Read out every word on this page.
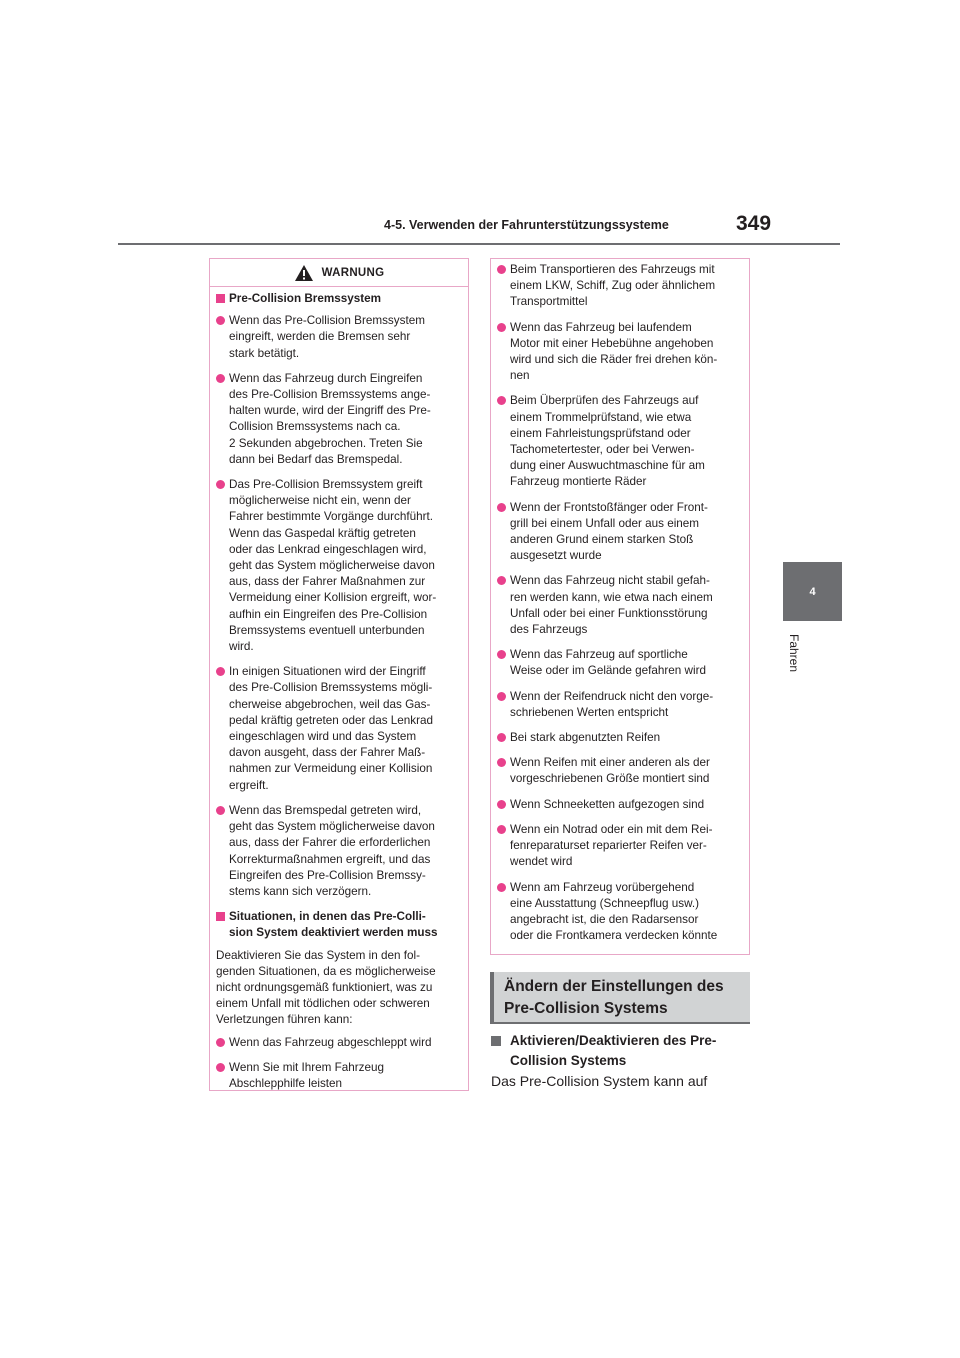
4-5. Verwenden der Fahrunterstützungssysteme	349
4
Fahren
WARNUNG
Pre-Collision Bremssystem
Wenn das Pre-Collision Bremssystem
eingreift, werden die Bremsen sehr
stark betätigt.
Wenn das Fahrzeug durch Eingreifen
des Pre-Collision Bremssystems ange-
halten wurde, wird der Eingriff des Pre-
Collision Bremssystems nach ca.
2 Sekunden abgebrochen. Treten Sie
dann bei Bedarf das Bremspedal.
Das Pre-Collision Bremssystem greift
möglicherweise nicht ein, wenn der
Fahrer bestimmte Vorgänge durchführt.
Wenn das Gaspedal kräftig getreten
oder das Lenkrad eingeschlagen wird,
geht das System möglicherweise davon
aus, dass der Fahrer Maßnahmen zur
Vermeidung einer Kollision ergreift, wor-
aufhin ein Eingreifen des Pre-Collision
Bremssystems eventuell unterbunden
wird.
In einigen Situationen wird der Eingriff
des Pre-Collision Bremssystems mögli-
cherweise abgebrochen, weil das Gas-
pedal kräftig getreten oder das Lenkrad
eingeschlagen wird und das System
davon ausgeht, dass der Fahrer Maß-
nahmen zur Vermeidung einer Kollision
ergreift.
Wenn das Bremspedal getreten wird,
geht das System möglicherweise davon
aus, dass der Fahrer die erforderlichen
Korrekturmaßnahmen ergreift, und das
Eingreifen des Pre-Collision Bremssy-
stems kann sich verzögern.
Situationen, in denen das Pre-Colli-
sion System deaktiviert werden muss
Deaktivieren Sie das System in den fol-
genden Situationen, da es möglicherweise
nicht ordnungsgemäß funktioniert, was zu
einem Unfall mit tödlichen oder schweren
Verletzungen führen kann:
Wenn das Fahrzeug abgeschleppt wird
Wenn Sie mit Ihrem Fahrzeug
Abschlepphilfe leisten
Beim Transportieren des Fahrzeugs mit
einem LKW, Schiff, Zug oder ähnlichem
Transportmittel
Wenn das Fahrzeug bei laufendem
Motor mit einer Hebebühne angehoben
wird und sich die Räder frei drehen kön-
nen
Beim Überprüfen des Fahrzeugs auf
einem Trommelprüfstand, wie etwa
einem Fahrleistungsprüfstand oder
Tachometertester, oder bei Verwen-
dung einer Auswuchtmaschine für am
Fahrzeug montierte Räder
Wenn der Frontstoßfänger oder Front-
grill bei einem Unfall oder aus einem
anderen Grund einem starken Stoß
ausgesetzt wurde
Wenn das Fahrzeug nicht stabil gefah-
ren werden kann, wie etwa nach einem
Unfall oder bei einer Funktionsstörung
des Fahrzeugs
Wenn das Fahrzeug auf sportliche
Weise oder im Gelände gefahren wird
Wenn der Reifendruck nicht den vorge-
schriebenen Werten entspricht
Bei stark abgenutzten Reifen
Wenn Reifen mit einer anderen als der
vorgeschriebenen Größe montiert sind
Wenn Schneeketten aufgezogen sind
Wenn ein Notrad oder ein mit dem Rei-
fenreparaturset reparierter Reifen ver-
wendet wird
Wenn am Fahrzeug vorübergehend
eine Ausstattung (Schneepflug usw.)
angebracht ist, die den Radarsensor
oder die Frontkamera verdecken könnte
Ändern der Einstellungen des
Pre-Collision Systems
Aktivieren/Deaktivieren des Pre-
Collision Systems
Das Pre-Collision System kann auf
